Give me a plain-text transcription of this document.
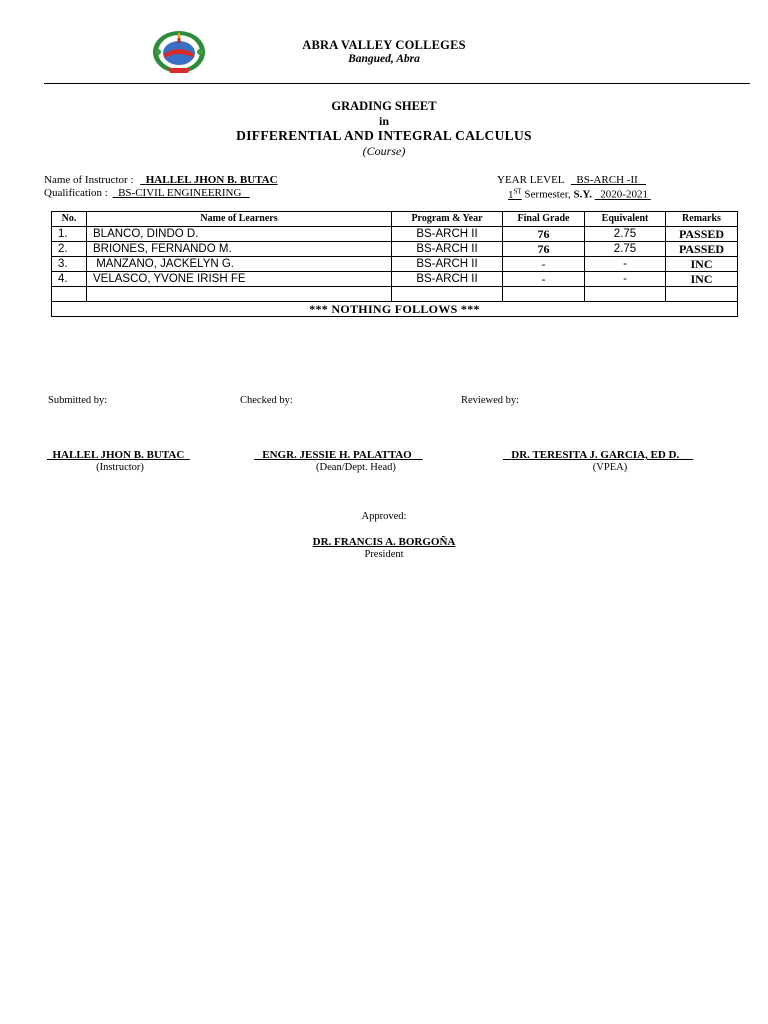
ABRA VALLEY COLLEGES
Bangued, Abra
GRADING SHEET
in
DIFFERENTIAL AND INTEGRAL CALCULUS
(Course)
Name of Instructor : HALLEL JHON B. BUTAC
Qualification : BS-CIVIL ENGINEERING
YEAR LEVEL BS-ARCH -II
1ST Sermester, S.Y. 2020-2021
No.	Name of Learners	Program & Year	Final Grade	Equivalent	Remarks
1.	BLANCO, DINDO D.	BS-ARCH II	76	2.75	PASSED
2.	BRIONES, FERNANDO M.	BS-ARCH II	76	2.75	PASSED
3.	MANZANO, JACKELYN G.	BS-ARCH II	-	-	INC
4.	VELASCO, YVONE IRISH FE	BS-ARCH II	-	-	INC

*** NOTHING FOLLOWS ***					
Submitted by:	Checked by:	Reviewed by:
HALLEL JHON B. BUTAC
(Instructor)
ENGR. JESSIE H. PALATTAO
(Dean/Dept. Head)
DR. TERESITA J. GARCIA, ED D.
(VPEA)
Approved:
DR. FRANCIS A. BORGOÑA
President
